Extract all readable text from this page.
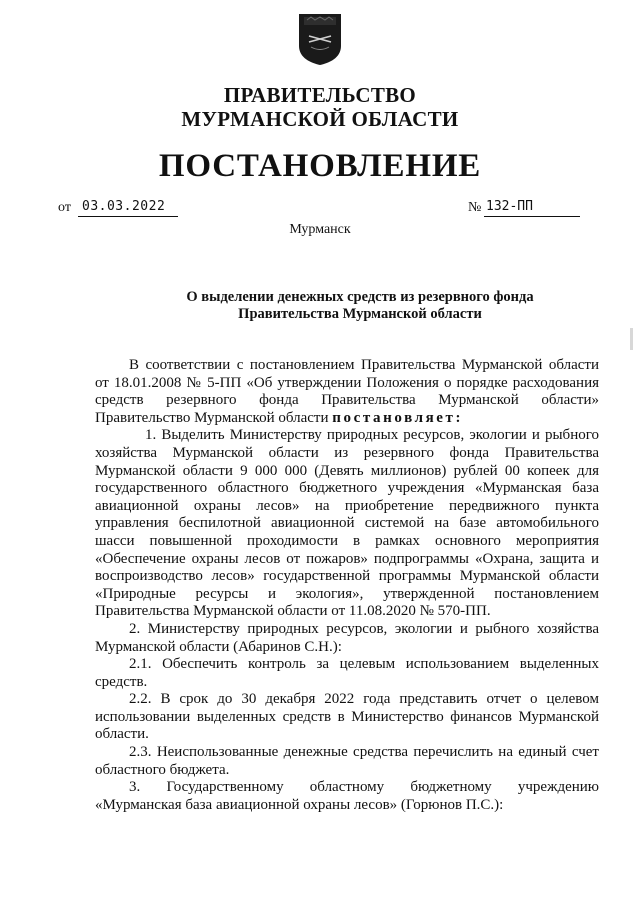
ПРАВИТЕЛЬСТВО
МУРМАНСКОЙ ОБЛАСТИ
ПОСТАНОВЛЕНИЕ
от 03.03.2022	№ 132-ПП
Мурманск
О выделении денежных средств из резервного фонда
Правительства Мурманской области

В соответствии с постановлением Правительства Мурманской области от 18.01.2008 № 5-ПП «Об утверждении Положения о порядке расходования средств резервного фонда Правительства Мурманской области» Правительство Мурманской области постановляет:

1. Выделить Министерству природных ресурсов, экологии и рыбного хозяйства Мурманской области из резервного фонда Правительства Мурманской области 9 000 000 (Девять миллионов) рублей 00 копеек для государственного областного бюджетного учреждения «Мурманская база авиационной охраны лесов» на приобретение передвижного пункта управления беспилотной авиационной системой на базе автомобильного шасси повышенной проходимости в рамках основного мероприятия «Обеспечение охраны лесов от пожаров» подпрограммы «Охрана, защита и воспроизводство лесов» государственной программы Мурманской области «Природные ресурсы и экология», утвержденной постановлением Правительства Мурманской области от 11.08.2020 № 570-ПП.

2. Министерству природных ресурсов, экологии и рыбного хозяйства Мурманской области (Абаринов С.Н.):

2.1. Обеспечить контроль за целевым использованием выделенных средств.

2.2. В срок до 30 декабря 2022 года представить отчет о целевом использовании выделенных средств в Министерство финансов Мурманской области.

2.3. Неиспользованные денежные средства перечислить на единый счет областного бюджета.

3. Государственному областному бюджетному учреждению «Мурманская база авиационной охраны лесов» (Горюнов П.С.):
